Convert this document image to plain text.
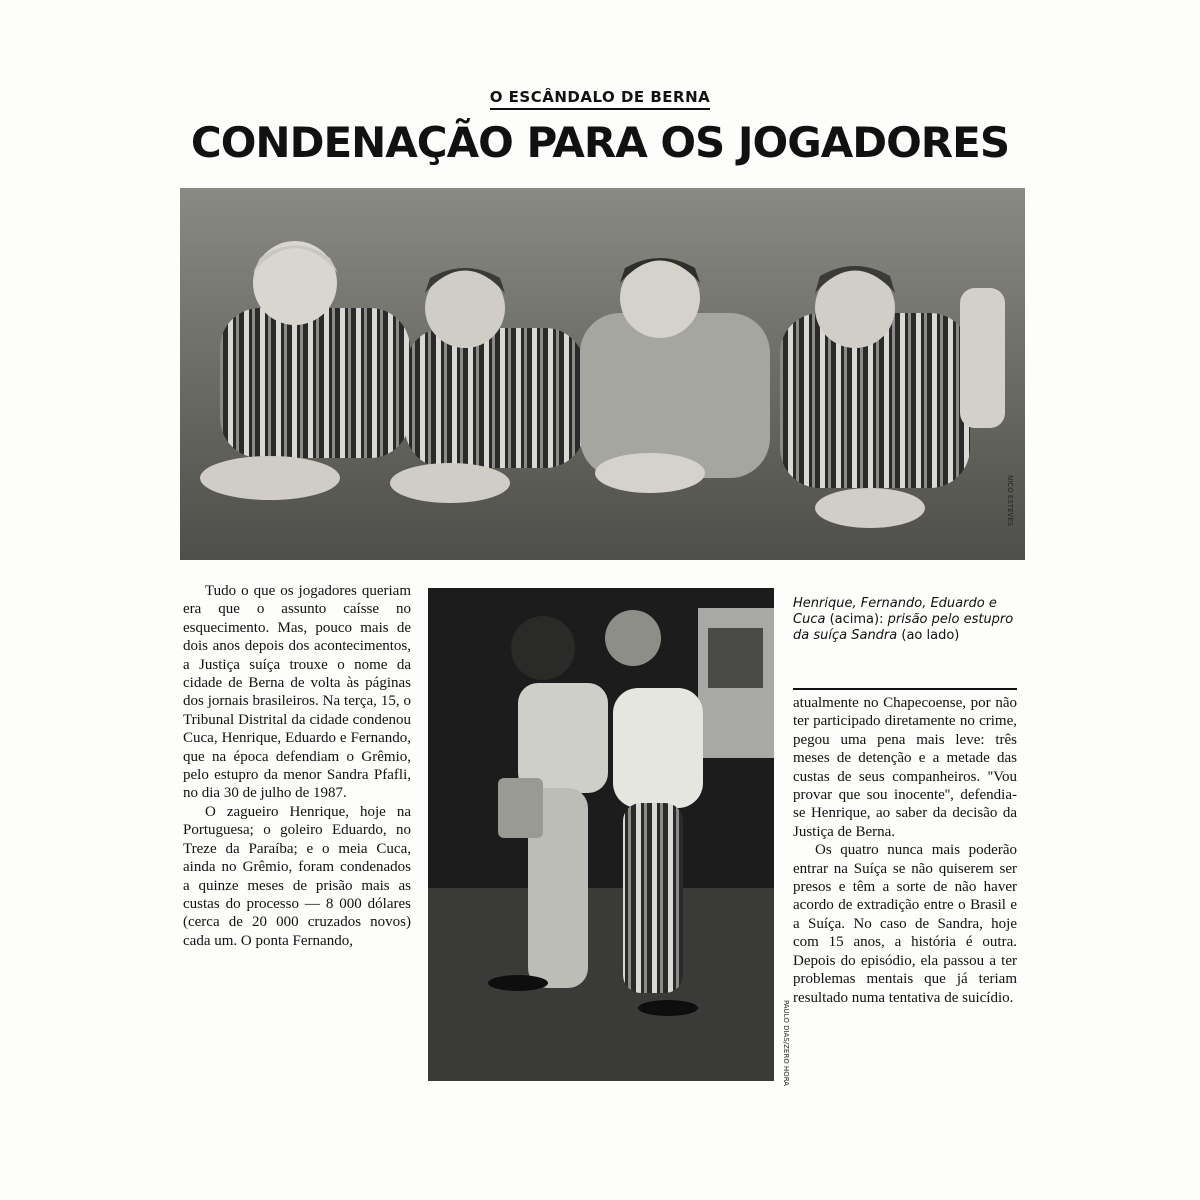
O ESCÂNDALO DE BERNA
CONDENAÇÃO PARA OS JOGADORES
NICO ESTEVES

Tudo o que os jogadores queriam era que o assunto caísse no esquecimento. Mas, pouco mais de dois anos depois dos acontecimentos, a Justiça suíça trouxe o nome da cidade de Berna de volta às páginas dos jornais brasileiros. Na terça, 15, o Tribunal Distrital da cidade condenou Cuca, Henrique, Eduardo e Fernando, que na época defendiam o Grêmio, pelo estupro da menor Sandra Pfafli, no dia 30 de julho de 1987.

O zagueiro Henrique, hoje na Portuguesa; o goleiro Eduardo, no Treze da Paraíba; e o meia Cuca, ainda no Grêmio, foram condenados a quinze meses de prisão mais as custas do processo — 8 000 dólares (cerca de 20 000 cruzados novos) cada um. O ponta Fernando,

PAULO DIAS/ZERO HORA
Henrique, Fernando, Eduardo e Cuca (acima): prisão pelo estupro da suíça Sandra (ao lado)

atualmente no Chapecoense, por não ter participado diretamente no crime, pegou uma pena mais leve: três meses de detenção e a metade das custas de seus companheiros. ''Vou provar que sou inocente'', defendia-se Henrique, ao saber da decisão da Justiça de Berna.

Os quatro nunca mais poderão entrar na Suíça se não quiserem ser presos e têm a sorte de não haver acordo de extradição entre o Brasil e a Suíça. No caso de Sandra, hoje com 15 anos, a história é outra. Depois do episódio, ela passou a ter problemas mentais que já teriam resultado numa tentativa de suicídio.
